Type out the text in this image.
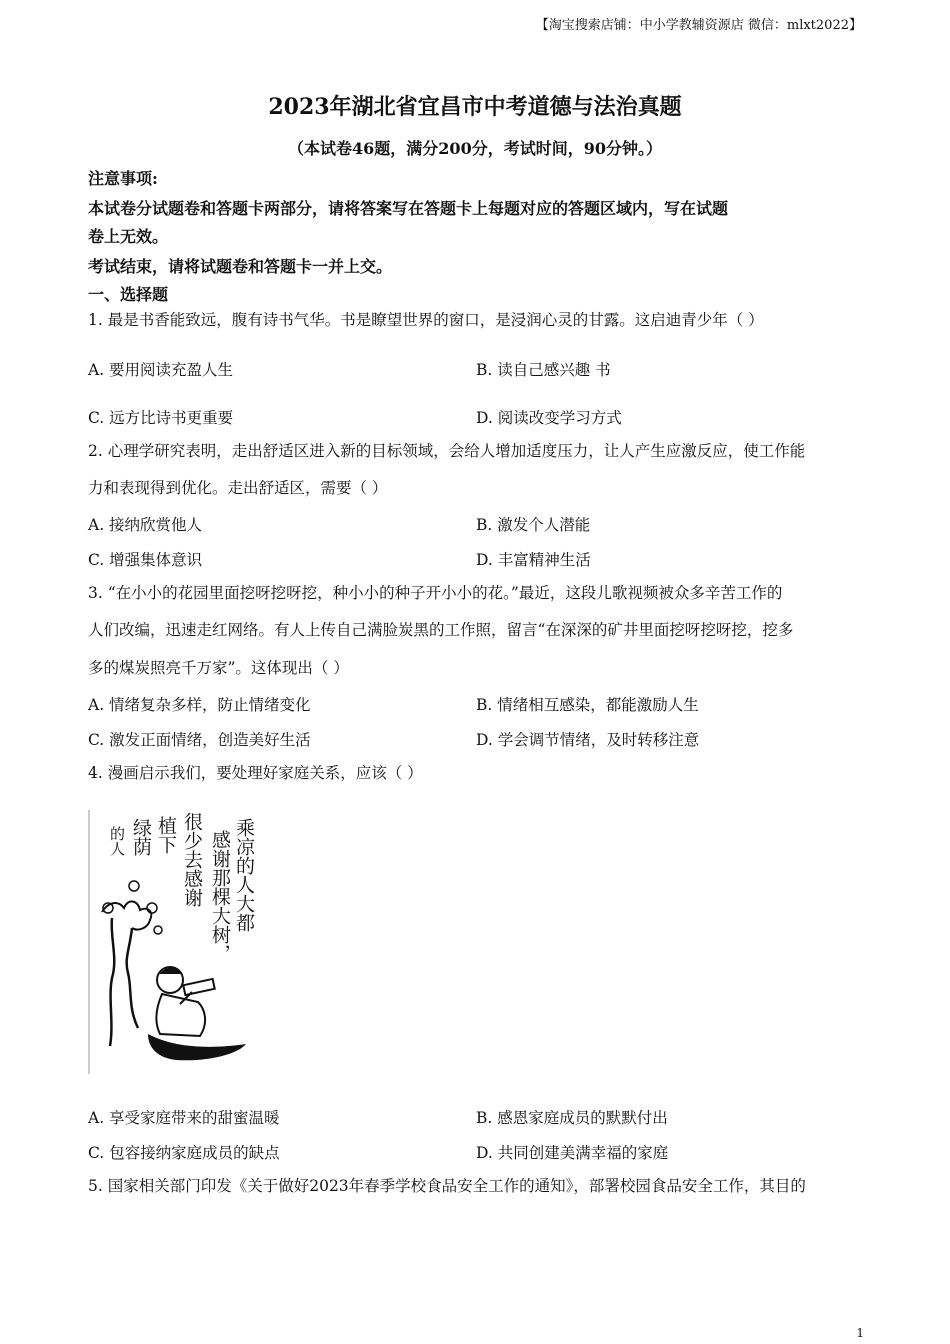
【淘宝搜索店铺：中小学教辅资源店 微信：mlxt2022】
2023年湖北省宜昌市中考道德与法治真题
（本试卷46题，满分200分，考试时间，90分钟。）
注意事项:
本试卷分试题卷和答题卡两部分，请将答案写在答题卡上每题对应的答题区域内，写在试题
卷上无效。
考试结束，请将试题卷和答题卡一并上交。
一、选择题
1. 最是书香能致远，腹有诗书气华。书是瞭望世界的窗口，是浸润心灵的甘露。这启迪青少年（ ）
A. 要用阅读充盈人生	B. 读自己感兴趣 书
C. 远方比诗书更重要	D. 阅读改变学习方式
2. 心理学研究表明，走出舒适区进入新的目标领域，会给人增加适度压力，让人产生应激反应，使工作能
力和表现得到优化。走出舒适区，需要（ ）
A. 接纳欣赏他人	B. 激发个人潜能
C. 增强集体意识	D. 丰富精神生活
3. “在小小的花园里面挖呀挖呀挖，种小小的种子开小小的花。”最近，这段儿歌视频被众多辛苦工作的
人们改编，迅速走红网络。有人上传自己满脸炭黑的工作照，留言“在深深的矿井里面挖呀挖呀挖，挖多
多的煤炭照亮千万家”。这体现出（ ）
A. 情绪复杂多样，防止情绪变化	B. 情绪相互感染，都能激励人生
C. 激发正面情绪，创造美好生活	D. 学会调节情绪，及时转移注意
4. 漫画启示我们，要处理好家庭关系，应该（ ）
乘凉的人大都
感谢那棵大树，
很少去感谢
植下
绿荫
的人
A. 享受家庭带来的甜蜜温暖	B. 感恩家庭成员的默默付出
C. 包容接纳家庭成员的缺点	D. 共同创建美满幸福的家庭
5. 国家相关部门印发《关于做好2023年春季学校食品安全工作的通知》，部署校园食品安全工作，其目的
1
